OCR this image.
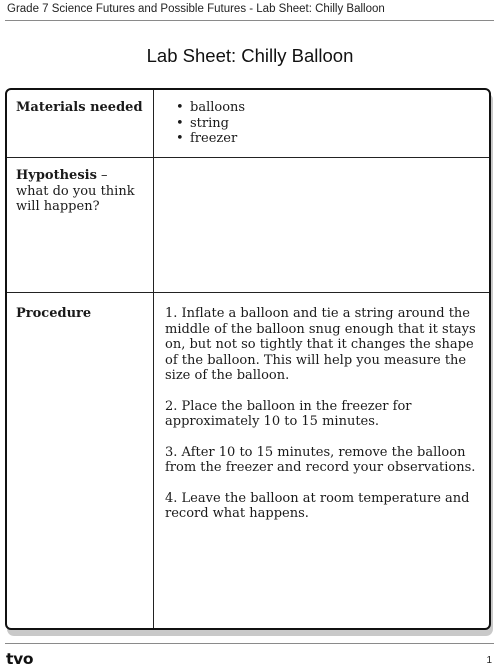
Grade 7 Science Futures and Possible Futures - Lab Sheet: Chilly Balloon
Lab Sheet: Chilly Balloon
Materials needed
•	balloons
• string
• freezer
Hypothesis – what do you think will happen?
Procedure	1. Inflate a balloon and tie a string around the middle of the balloon snug enough that it stays on, but not so tightly that it changes the shape of the balloon. This will help you measure the size of the balloon.

2. Place the balloon in the freezer for approximately 10 to 15 minutes.

3. After 10 to 15 minutes, remove the balloon from the freezer and record your observations.

4. Leave the balloon at room temperature and record what happens.

tvo	1
